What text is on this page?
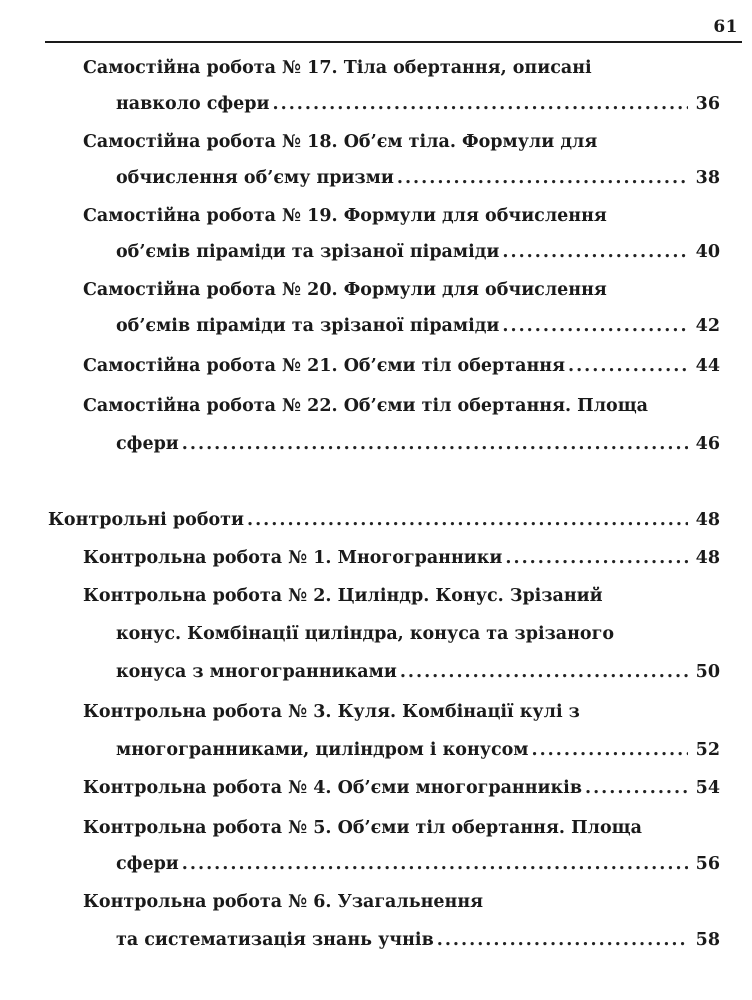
61
Самостійна робота № 17. Тіла обертання, описані
навколо сфери .....	36
Самостійна робота № 18. Об’єм тіла. Формули для
обчислення об’єму призми .....	38
Самостійна робота № 19. Формули для обчислення
об’ємів піраміди та зрізаної піраміди .....	40
Самостійна робота № 20. Формули для обчислення
об’ємів піраміди та зрізаної піраміди .....	42
Самостійна робота № 21. Об’єми тіл обертання .....	44
Самостійна робота № 22. Об’єми тіл обертання. Площа
сфери .....	46
Контрольні роботи .....	48
Контрольна робота № 1. Многогранники .....	48
Контрольна робота № 2. Циліндр. Конус. Зрізаний
конус. Комбінації циліндра, конуса та зрізаного
конуса з многогранниками .....	50
Контрольна робота № 3. Куля. Комбінації кулі з
многогранниками, циліндром і конусом .....	52
Контрольна робота № 4. Об’єми многогранників .....	54
Контрольна робота № 5. Об’єми тіл обертання. Площа
сфери .....	56
Контрольна робота № 6. Узагальнення
та систематизація знань учнів .....	58
